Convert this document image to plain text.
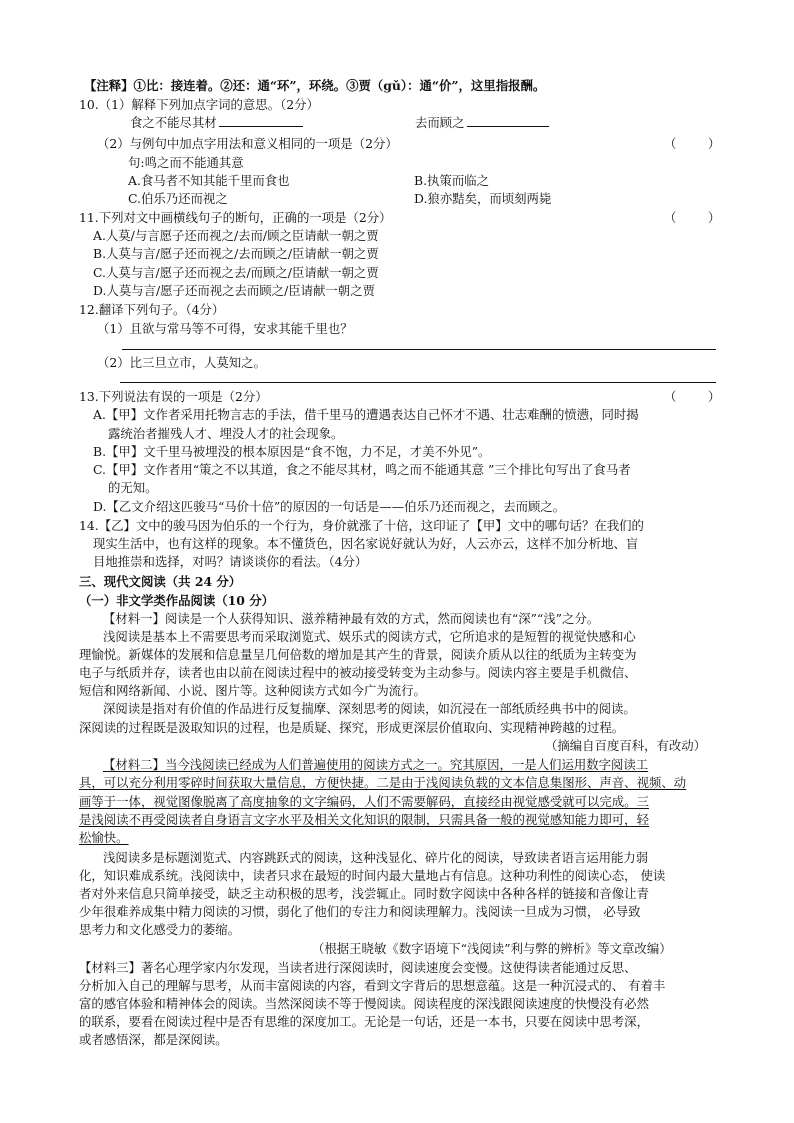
【注释】①比：接连着。②还：通“环”，环绕。③贾（gǔ）：通“价”，这里指报酬。
10.（1）解释下列加点字词的意思。（2分）
食之不能尽其材	去而顾之
（2）与例句中加点字用法和意义相同的一项是（2分）	（        ）
句:鸣之而不能通其意
A.食马者不知其能千里而食也	B.执策而临之
C.伯乐乃还而视之	D.狼亦黠矣，而顷刻两毙
11.下列对文中画横线句子的断句，正确的一项是（2分）	（        ）
A.人莫/与言愿子还而视之/去而/顾之臣请献一朝之贾
B.人莫与言/愿子还而视之/去而顾之/臣请献一朝之贾
C.人莫与言/愿子还而视之去/而顾之/臣请献一朝之贾
D.人莫与言/愿子还而视之去而顾之/臣请献一朝之贾
12.翻译下列句子。（4分）
（1）且欲与常马等不可得，安求其能千里也？
（2）比三旦立市，人莫知之。
13.下列说法有误的一项是（2分）	（        ）
A.【甲】文作者采用托物言志的手法，借千里马的遭遇表达自己怀才不遇、壮志难酬的愤懑，同时揭
露统治者摧残人才、埋没人才的社会现象。
B.【甲】文千里马被埋没的根本原因是“食不饱，力不足，才美不外见”。
C.【甲】文作者用“策之不以其道，食之不能尽其材，鸣之而不能通其意 ”三个排比句写出了食马者
的无知。
D.【乙文介绍这匹骏马“马价十倍”的原因的一句话是——伯乐乃还而视之，去而顾之。
14.【乙】文中的骏马因为伯乐的一个行为，身价就涨了十倍，这印证了【甲】文中的哪句话？在我们的
现实生活中，也有这样的现象。本不懂货色，因名家说好就认为好，人云亦云，这样不加分析地、盲
目地推崇和选择，对吗？请谈谈你的看法。（4分）
三、现代文阅读（共 24 分）
（一）非文学类作品阅读（10 分）
【材料一】阅读是一个人获得知识、滋养精神最有效的方式，然而阅读也有“深”“浅”之分。
浅阅读是基本上不需要思考而采取浏览式、娱乐式的阅读方式，它所追求的是短暂的视觉快感和心
理愉悦。新媒体的发展和信息量呈几何倍数的增加是其产生的背景，阅读介质从以往的纸质为主转变为
电子与纸质并存，读者也由以前在阅读过程中的被动接受转变为主动参与。阅读内容主要是手机微信、
短信和网络新闻、小说、图片等。这种阅读方式如今广为流行。
深阅读是指对有价值的作品进行反复揣摩、深刻思考的阅读，如沉浸在一部纸质经典书中的阅读。
深阅读的过程既是汲取知识的过程，也是质疑、探究，形成更深层价值取向、实现精神跨越的过程。
（摘编自百度百科，有改动）
【材料二】当今浅阅读已经成为人们普遍使用的阅读方式之一。究其原因，一是人们运用数字阅读工
具，可以充分利用零碎时间获取大量信息，方便快捷。二是由于浅阅读负载的文本信息集图形、声音、视频、动
画等于一体，视觉图像脱离了高度抽象的文字编码，人们不需要解码，直接经由视觉感受就可以完成。三
是浅阅读不再受阅读者自身语言文字水平及相关文化知识的限制，只需具备一般的视觉感知能力即可，轻
松愉快。
浅阅读多是标题浏览式、内容跳跃式的阅读，这种浅显化、碎片化的阅读，导致读者语言运用能力弱
化，知识难成系统。浅阅读中，读者只求在最短的时间内最大量地占有信息。这种功利性的阅读心态， 使读
者对外来信息只简单接受，缺乏主动积极的思考，浅尝辄止。同时数字阅读中各种各样的链接和音像让青
少年很难养成集中精力阅读的习惯，弱化了他们的专注力和阅读理解力。浅阅读一旦成为习惯， 必导致
思考力和文化感受力的萎缩。
（根据王晓敏《数字语境下“浅阅读”利与弊的辨析》等文章改编）
【材料三】著名心理学家内尔发现，当读者进行深阅读时，阅读速度会变慢。这使得读者能通过反思、
分析加入自己的理解与思考，从而丰富阅读的内容，看到文字背后的思想意蕴。这是一种沉浸式的、 有着丰
富的感官体验和精神体会的阅读。当然深阅读不等于慢阅读。阅读程度的深浅跟阅读速度的快慢没有必然
的联系，要看在阅读过程中是否有思维的深度加工。无论是一句话，还是一本书，只要在阅读中思考深，
或者感悟深，都是深阅读。
